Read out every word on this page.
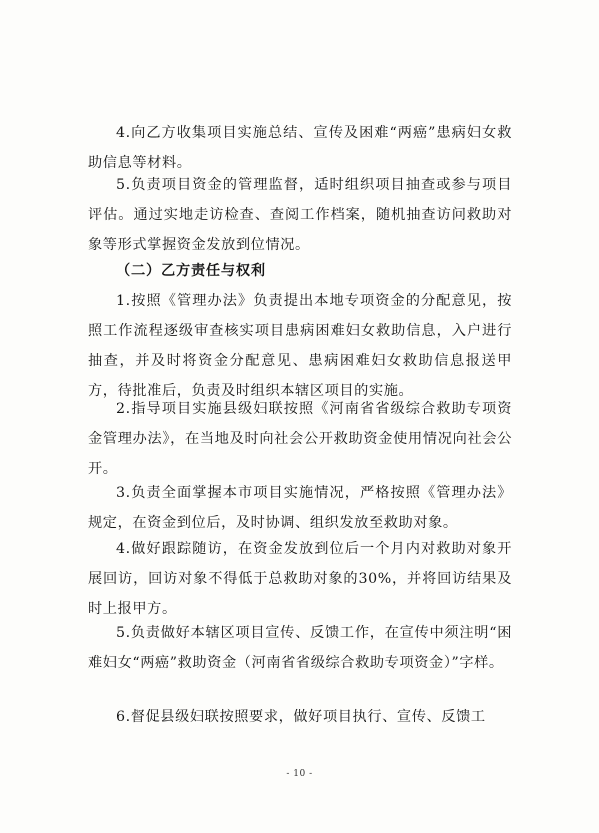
4.向乙方收集项目实施总结、宣传及困难“两癌”患病妇女救助信息等材料。

5.负责项目资金的管理监督，适时组织项目抽查或参与项目评估。通过实地走访检查、查阅工作档案，随机抽查访问救助对象等形式掌握资金发放到位情况。

（二）乙方责任与权利

1.按照《管理办法》负责提出本地专项资金的分配意见，按照工作流程逐级审查核实项目患病困难妇女救助信息，入户进行抽查，并及时将资金分配意见、患病困难妇女救助信息报送甲方，待批准后，负责及时组织本辖区项目的实施。

2.指导项目实施县级妇联按照《河南省省级综合救助专项资金管理办法》，在当地及时向社会公开救助资金使用情况向社会公开。

3.负责全面掌握本市项目实施情况，严格按照《管理办法》规定，在资金到位后，及时协调、组织发放至救助对象。

4.做好跟踪随访，在资金发放到位后一个月内对救助对象开展回访，回访对象不得低于总救助对象的30%，并将回访结果及时上报甲方。

5.负责做好本辖区项目宣传、反馈工作，在宣传中须注明“困难妇女“两癌”救助资金（河南省省级综合救助专项资金）”字样。

6.督促县级妇联按照要求，做好项目执行、宣传、反馈工

- 10 -
